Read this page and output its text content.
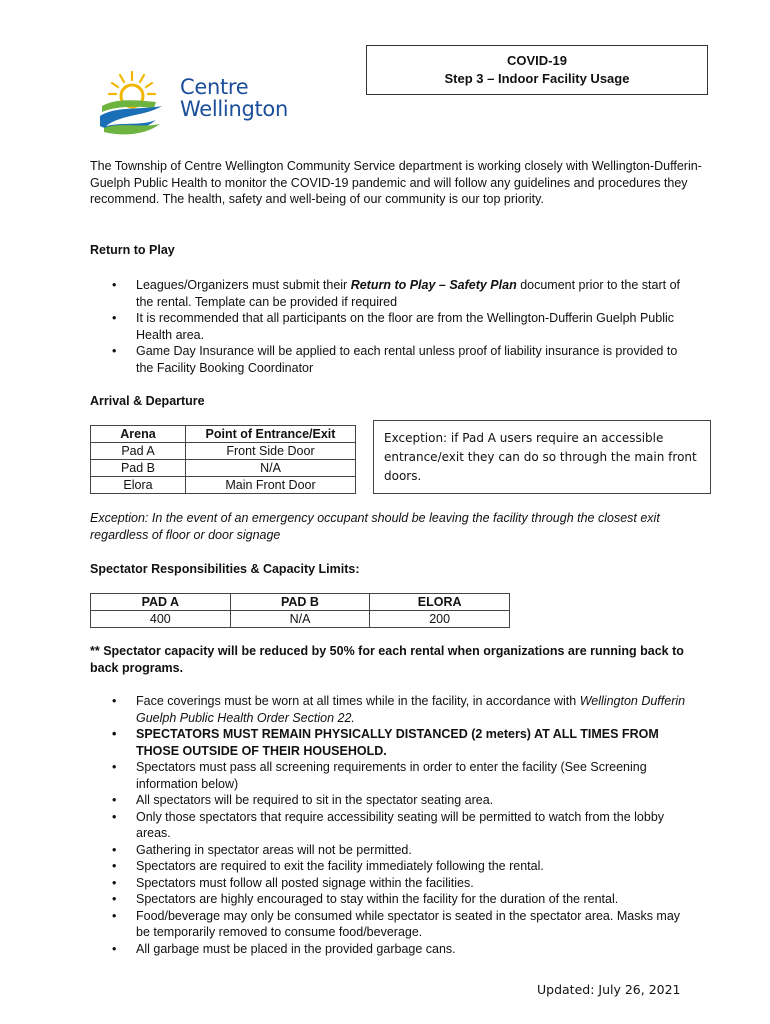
Centre
Wellington
COVID-19
Step 3 – Indoor Facility Usage

The Township of Centre Wellington Community Service department is working closely with Wellington-Dufferin-Guelph Public Health to monitor the COVID-19 pandemic and will follow any guidelines and procedures they recommend. The health, safety and well-being of our community is our top priority.

Return to Play

• Leagues/Organizers must submit their Return to Play – Safety Plan document prior to the start of the rental. Template can be provided if required
• It is recommended that all participants on the floor are from the Wellington-Dufferin Guelph Public Health area.
• Game Day Insurance will be applied to each rental unless proof of liability insurance is provided to the Facility Booking Coordinator

Arrival & Departure

Arena	Point of Entrance/Exit
Pad A	Front Side Door
Pad B	N/A
Elora	Main Front Door
Exception: if Pad A users require an accessible entrance/exit they can do so through the main front doors.

Exception: In the event of an emergency occupant should be leaving the facility through the closest exit regardless of floor or door signage

Spectator Responsibilities & Capacity Limits:

PAD A	PAD B	ELORA
400	N/A	200

** Spectator capacity will be reduced by 50% for each rental when organizations are running back to back programs.

• Face coverings must be worn at all times while in the facility, in accordance with Wellington Dufferin Guelph Public Health Order Section 22.
• SPECTATORS MUST REMAIN PHYSICALLY DISTANCED (2 meters) AT ALL TIMES FROM THOSE OUTSIDE OF THEIR HOUSEHOLD.
• Spectators must pass all screening requirements in order to enter the facility (See Screening information below)
• All spectators will be required to sit in the spectator seating area.
• Only those spectators that require accessibility seating will be permitted to watch from the lobby areas.
• Gathering in spectator areas will not be permitted.
• Spectators are required to exit the facility immediately following the rental.
• Spectators must follow all posted signage within the facilities.
• Spectators are highly encouraged to stay within the facility for the duration of the rental.
• Food/beverage may only be consumed while spectator is seated in the spectator area. Masks may be temporarily removed to consume food/beverage.
• All garbage must be placed in the provided garbage cans.
Updated: July 26, 2021
